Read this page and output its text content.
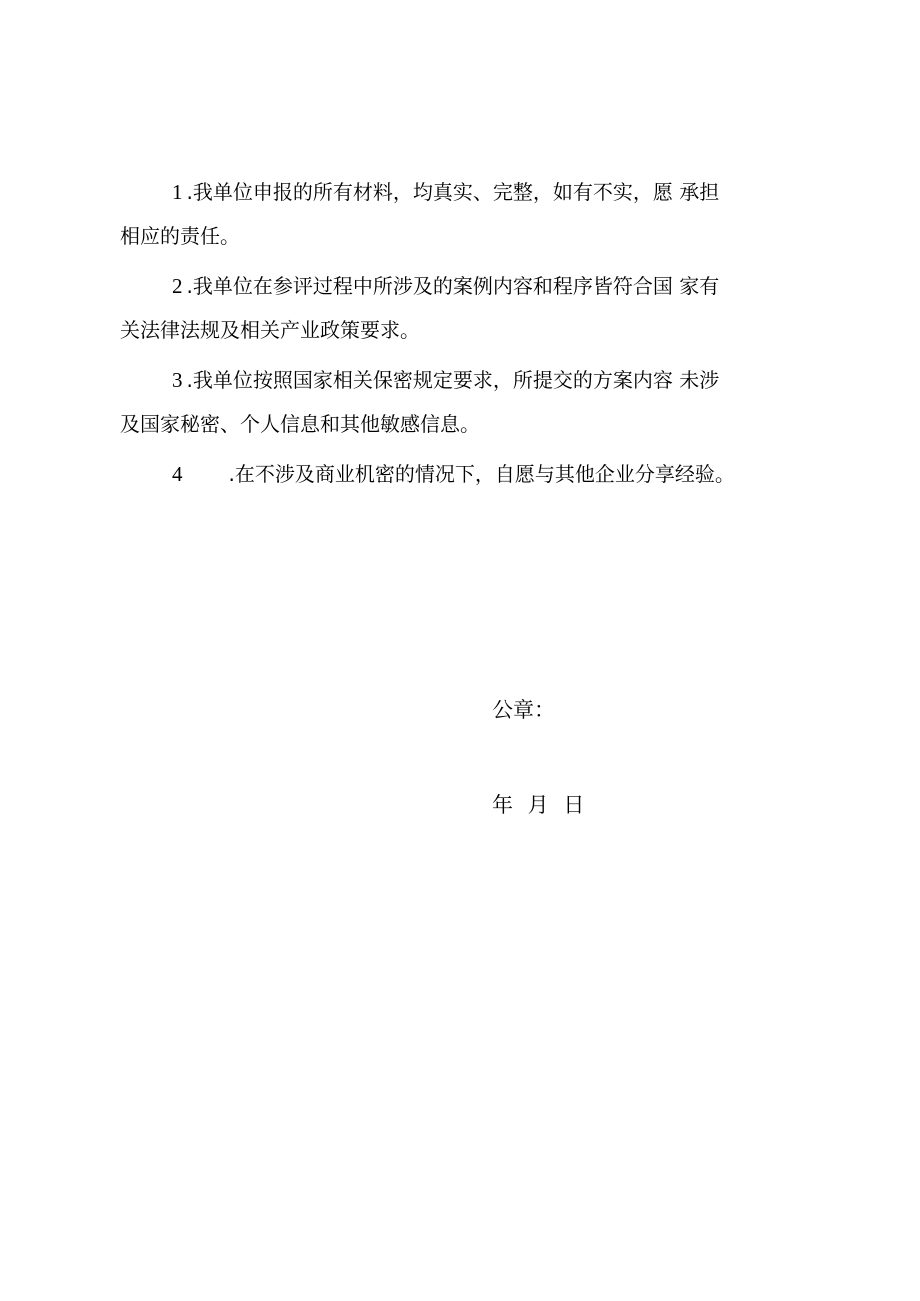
1 .我单位申报的所有材料，均真实、完整，如有不实，愿 承担
相应的责任。

2 .我单位在参评过程中所涉及的案例内容和程序皆符合国 家有
关法律法规及相关产业政策要求。

3 .我单位按照国家相关保密规定要求，所提交的方案内容 未涉
及国家秘密、个人信息和其他敏感信息。

4 .在不涉及商业机密的情况下，自愿与其他企业分享经验。

公章：
年 月 日
